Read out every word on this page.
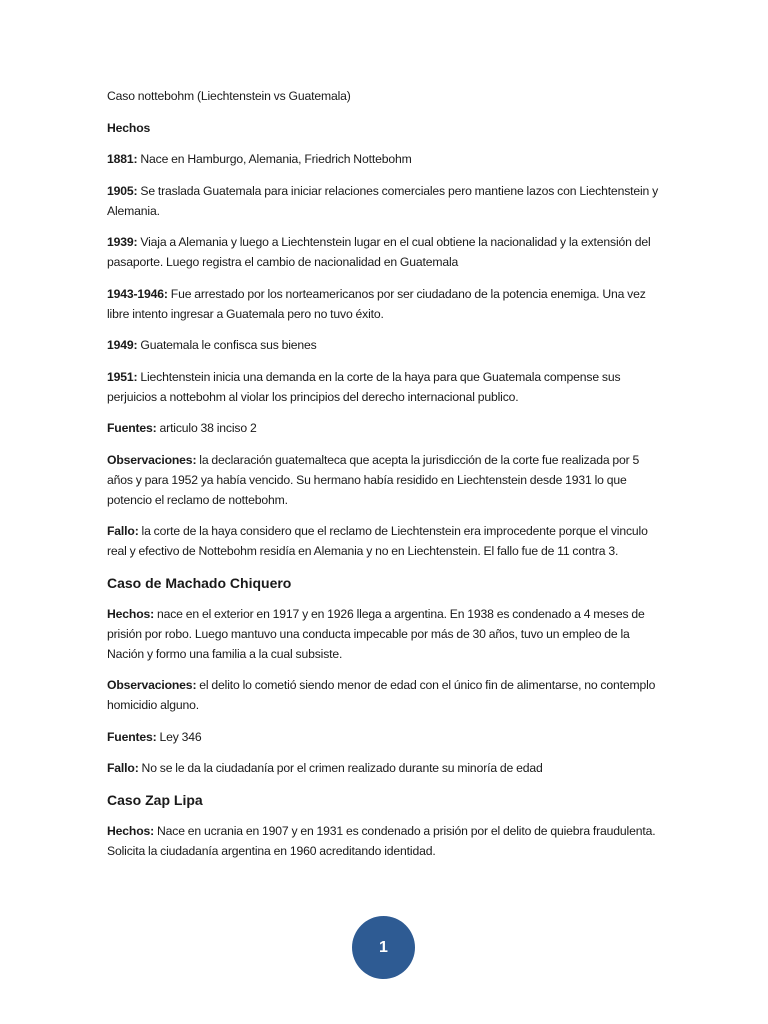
Caso nottebohm (Liechtenstein vs Guatemala)

Hechos

1881: Nace en Hamburgo, Alemania, Friedrich Nottebohm

1905: Se traslada Guatemala para iniciar relaciones comerciales pero mantiene lazos con Liechtenstein y Alemania.

1939: Viaja a Alemania y luego a Liechtenstein lugar en el cual obtiene la nacionalidad y la extensión del pasaporte. Luego registra el cambio de nacionalidad en Guatemala

1943-1946: Fue arrestado por los norteamericanos por ser ciudadano de la potencia enemiga. Una vez libre intento ingresar a Guatemala pero no tuvo éxito.

1949: Guatemala le confisca sus bienes

1951: Liechtenstein inicia una demanda en la corte de la haya para que Guatemala compense sus perjuicios a nottebohm al violar los principios del derecho internacional publico.

Fuentes: articulo 38 inciso 2

Observaciones: la declaración guatemalteca que acepta la jurisdicción de la corte fue realizada por 5 años y para 1952 ya había vencido. Su hermano había residido en Liechtenstein desde 1931 lo que potencio el reclamo de nottebohm.

Fallo: la corte de la haya considero que el reclamo de Liechtenstein era improcedente porque el vinculo real y efectivo de Nottebohm residía en Alemania y no en Liechtenstein. El fallo fue de 11 contra 3.

Caso de Machado Chiquero

Hechos: nace en el exterior en 1917 y en 1926 llega a argentina. En 1938 es condenado a 4 meses de prisión por robo. Luego mantuvo una conducta impecable por más de 30 años, tuvo un empleo de la Nación y formo una familia a la cual subsiste.

Observaciones: el delito lo cometió siendo menor de edad con el único fin de alimentarse, no contemplo homicidio alguno.

Fuentes: Ley 346

Fallo: No se le da la ciudadanía por el crimen realizado durante su minoría de edad

Caso Zap Lipa

Hechos: Nace en ucrania en 1907 y en 1931 es condenado a prisión por el delito de quiebra fraudulenta. Solicita la ciudadanía argentina en 1960 acreditando identidad.

1
